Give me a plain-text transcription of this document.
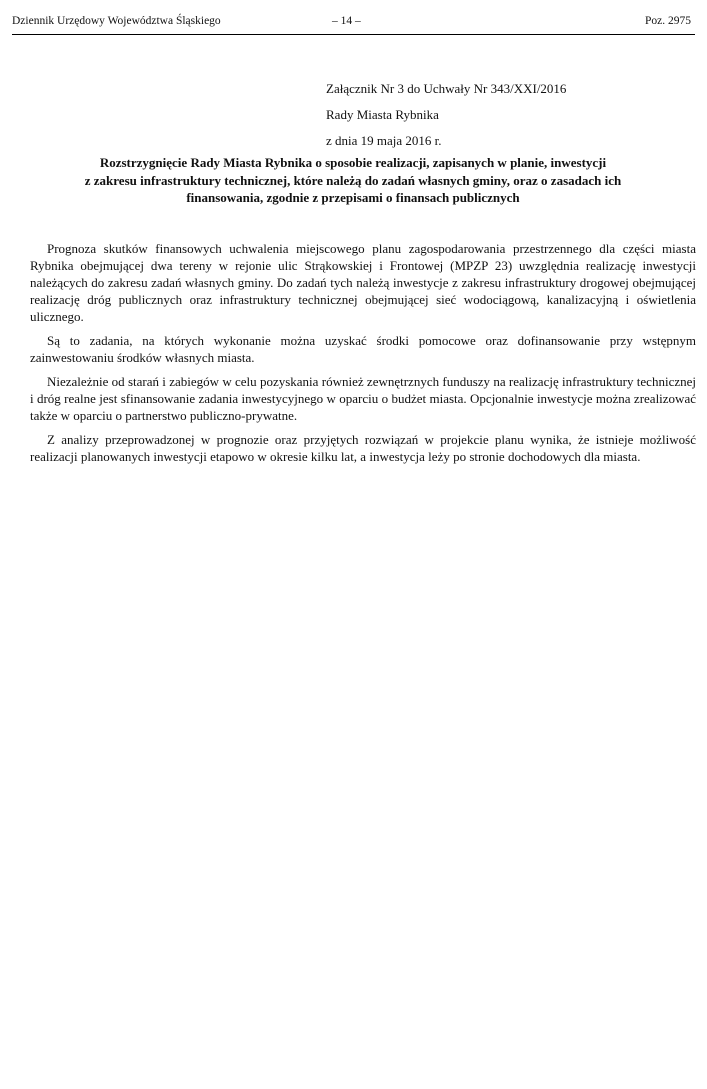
Dziennik Urzędowy Województwa Śląskiego	– 14 –	Poz. 2975
Załącznik Nr 3 do Uchwały Nr 343/XXI/2016
Rady Miasta Rybnika
z dnia 19 maja 2016 r.
Rozstrzygnięcie Rady Miasta Rybnika o sposobie realizacji, zapisanych w planie, inwestycji
z zakresu infrastruktury technicznej, które należą do zadań własnych gminy, oraz o zasadach ich
finansowania, zgodnie z przepisami o finansach publicznych

Prognoza skutków finansowych uchwalenia miejscowego planu zagospodarowania przestrzennego dla części miasta Rybnika obejmującej dwa tereny w rejonie ulic Strąkowskiej i Frontowej (MPZP 23) uwzględnia realizację inwestycji należących do zakresu zadań własnych gminy. Do zadań tych należą inwestycje z zakresu infrastruktury drogowej obejmującej realizację dróg publicznych oraz infrastruktury technicznej obejmującej sieć wodociągową, kanalizacyjną i oświetlenia ulicznego.

Są to zadania, na których wykonanie można uzyskać środki pomocowe oraz dofinansowanie przy wstępnym zainwestowaniu środków własnych miasta.

Niezależnie od starań i zabiegów w celu pozyskania również zewnętrznych funduszy na realizację infrastruktury technicznej i dróg realne jest sfinansowanie zadania inwestycyjnego w oparciu o budżet miasta. Opcjonalnie inwestycje można zrealizować także w oparciu o partnerstwo publiczno-prywatne.

Z analizy przeprowadzonej w prognozie oraz przyjętych rozwiązań w projekcie planu wynika, że istnieje możliwość realizacji planowanych inwestycji etapowo w okresie kilku lat, a inwestycja leży po stronie dochodowych dla miasta.
